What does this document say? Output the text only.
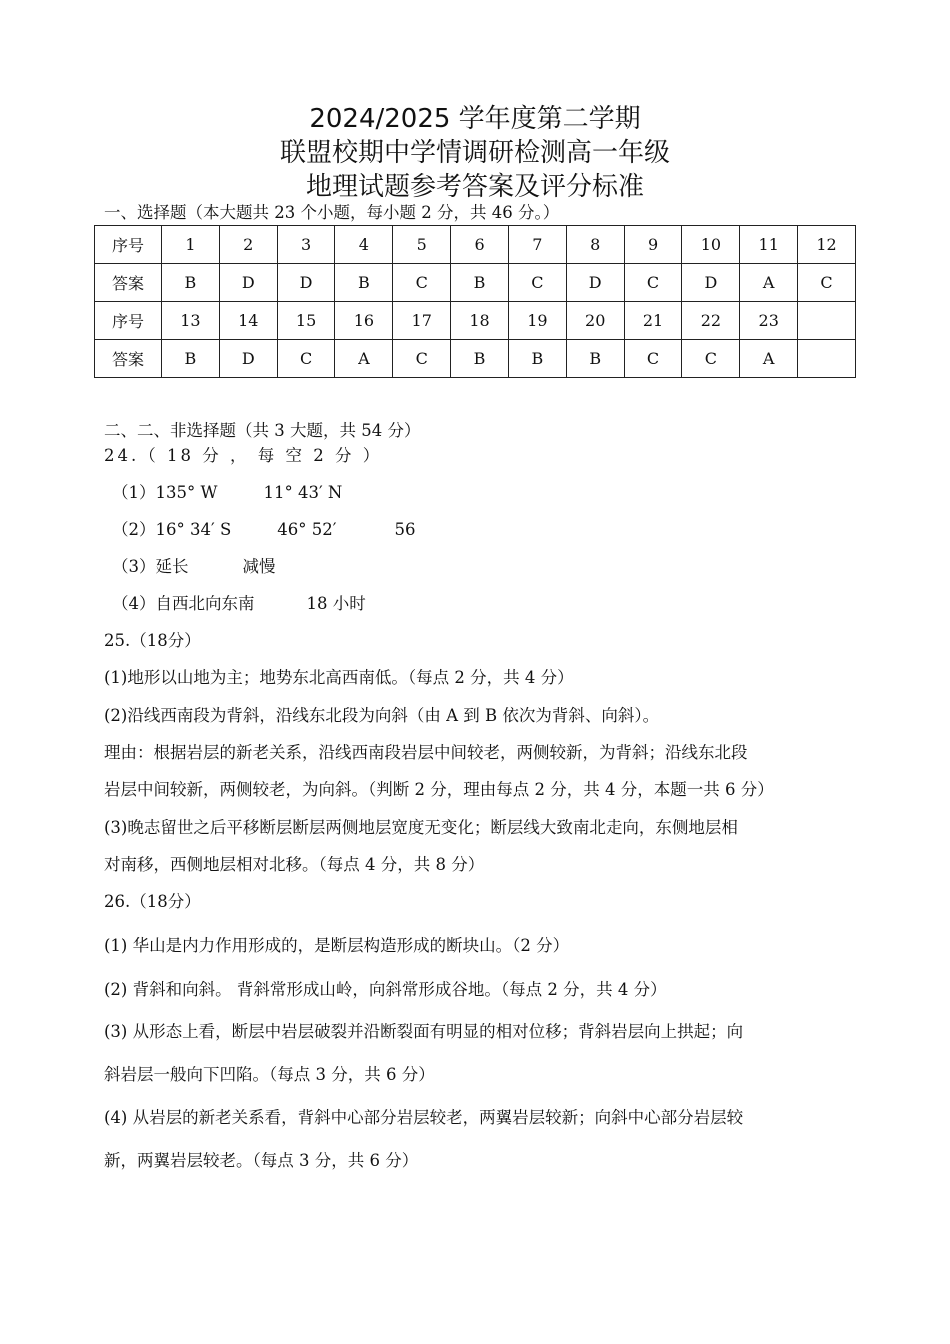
2024/2025 学年度第二学期
联盟校期中学情调研检测高一年级
地理试题参考答案及评分标准
一、选择题（本大题共 23 个小题，每小题 2 分，共 46 分。）
序号	1	2	3	4	5	6	7	8	9	10	11	12
答案	B	D	D	B	C	B	C	D	C	D	A	C
序号	13	14	15	16	17	18	19	20	21	22	23	
答案	B	D	C	A	C	B	B	B	C	C	A	
二、二、非选择题（共 3 大题，共 54 分）
24.（ 18 分 ， 每 空 2 分 ）
（1）135° W	11° 43′ N
（2）16° 34′ S	46° 52′	56
（3）延长	减慢
（4）自西北向东南	18 小时
25.（18分）
(1)地形以山地为主；地势东北高西南低。（每点 2 分，共 4 分）
(2)沿线西南段为背斜，沿线东北段为向斜（由 A 到 B 依次为背斜、向斜）。
理由：根据岩层的新老关系，沿线西南段岩层中间较老，两侧较新，为背斜；沿线东北段
岩层中间较新，两侧较老，为向斜。（判断 2 分，理由每点 2 分，共 4 分，本题一共 6 分）
(3)晚志留世之后平移断层断层两侧地层宽度无变化；断层线大致南北走向，东侧地层相
对南移，西侧地层相对北移。（每点 4 分，共 8 分）
26.（18分）
(1) 华山是内力作用形成的，是断层构造形成的断块山。（2 分）
(2) 背斜和向斜。 背斜常形成山岭，向斜常形成谷地。（每点 2 分，共 4 分）
(3) 从形态上看，断层中岩层破裂并沿断裂面有明显的相对位移；背斜岩层向上拱起；向
斜岩层一般向下凹陷。（每点 3 分，共 6 分）
(4) 从岩层的新老关系看，背斜中心部分岩层较老，两翼岩层较新；向斜中心部分岩层较
新，两翼岩层较老。（每点 3 分，共 6 分）
